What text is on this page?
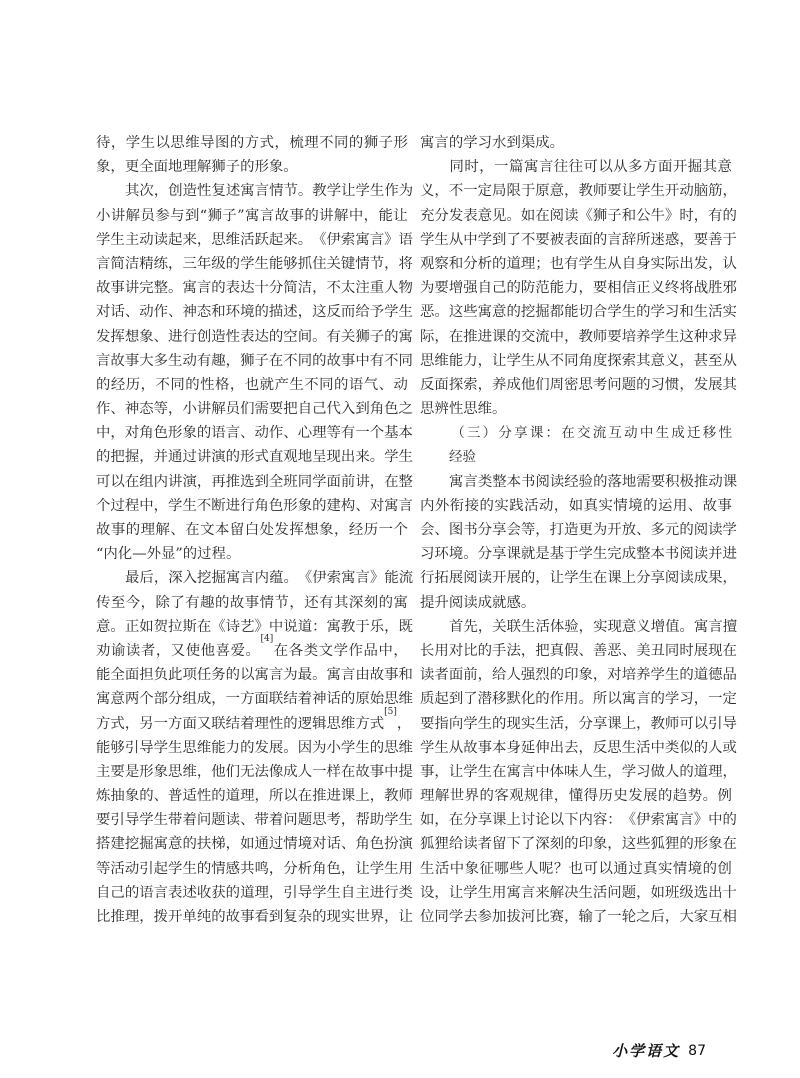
待 ， 学 生 以 思 维 导 图 的 方 式 ， 梳 理 不 同 的 狮 子 形
象 ， 更 全 面 地 理 解 狮 子 的 形 象 。
其 次 ， 创 造 性 复 述 寓 言 情 节 。 教 学 让 学 生 作 为
小 讲 解 员 参 与 到 “ 狮 子 ” 寓 言 故 事 的 讲 解 中 ， 能 让
学 生 主 动 读 起 来 ， 思 维 活 跃 起 来 。 《 伊 索 寓 言 》 语
言 简 洁 精 练 ， 三 年 级 的 学 生 能 够 抓 住 关 键 情 节 ， 将
故 事 讲 完 整 。 寓 言 的 表 达 十 分 简 洁 ， 不 太 注 重 人 物
对 话 、 动 作 、 神 态 和 环 境 的 描 述 ， 这 反 而 给 予 学 生
发 挥 想 象 、 进 行 创 造 性 表 达 的 空 间 。 有 关 狮 子 的 寓
言 故 事 大 多 生 动 有 趣 ， 狮 子 在 不 同 的 故 事 中 有 不 同
的 经 历 ， 不 同 的 性 格 ， 也 就 产 生 不 同 的 语 气 、 动
作 、 神 态 等 ， 小 讲 解 员 们 需 要 把 自 己 代 入 到 角 色 之
中 ， 对 角 色 形 象 的 语 言 、 动 作 、 心 理 等 有 一 个 基 本
的 把 握 ， 并 通 过 讲 演 的 形 式 直 观 地 呈 现 出 来 。 学 生
可 以 在 组 内 讲 演 ， 再 推 选 到 全 班 同 学 面 前 讲 ， 在 整
个 过 程 中 ， 学 生 不 断 进 行 角 色 形 象 的 建 构 、 对 寓 言
故 事 的 理 解 、 在 文 本 留 白 处 发 挥 想 象 ， 经 历 一 个
“ 内 化 — 外 显 ” 的 过 程 。
最 后 ， 深 入 挖 掘 寓 言 内 蕴 。 《 伊 索 寓 言 》 能 流
传 至 今 ， 除 了 有 趣 的 故 事 情 节 ， 还 有 其 深 刻 的 寓
意 。 正 如 贺 拉 斯 在 《 诗 艺 》 中 说 道 ： 寓 教 于 乐 ， 既
劝 谕 读 者 ， 又 使 他 喜 爱 。
[4]
在 各 类 文 学 作 品 中 ，
能 全 面 担 负 此 项 任 务 的 以 寓 言 为 最 。 寓 言 由 故 事 和
寓 意 两 个 部 分 组 成 ， 一 方 面 联 结 着 神 话 的 原 始 思 维
方 式 ， 另 一 方 面 又 联 结 着 理 性 的 逻 辑 思 维 方 式
[5]
，
能 够 引 导 学 生 思 维 能 力 的 发 展 。 因 为 小 学 生 的 思 维
主 要 是 形 象 思 维 ， 他 们 无 法 像 成 人 一 样 在 故 事 中 提
炼 抽 象 的 、 普 适 性 的 道 理 ， 所 以 在 推 进 课 上 ， 教 师
要 引 导 学 生 带 着 问 题 读 、 带 着 问 题 思 考 ， 帮 助 学 生
搭 建 挖 掘 寓 意 的 扶 梯 ， 如 通 过 情 境 对 话 、 角 色 扮 演
等 活 动 引 起 学 生 的 情 感 共 鸣 ， 分 析 角 色 ， 让 学 生 用
自 己 的 语 言 表 述 收 获 的 道 理 ， 引 导 学 生 自 主 进 行 类
比 推 理 ， 拨 开 单 纯 的 故 事 看 到 复 杂 的 现 实 世 界 ， 让
寓 言 的 学 习 水 到 渠 成 。
同 时 ， 一 篇 寓 言 往 往 可 以 从 多 方 面 开 掘 其 意
义 ， 不 一 定 局 限 于 原 意 ， 教 师 要 让 学 生 开 动 脑 筋 ，
充 分 发 表 意 见 。 如 在 阅 读 《 狮 子 和 公 牛 》 时 ， 有 的
学 生 从 中 学 到 了 不 要 被 表 面 的 言 辞 所 迷 惑 ， 要 善 于
观 察 和 分 析 的 道 理 ； 也 有 学 生 从 自 身 实 际 出 发 ， 认
为 要 增 强 自 己 的 防 范 能 力 ， 要 相 信 正 义 终 将 战 胜 邪
恶 。 这 些 寓 意 的 挖 掘 都 能 切 合 学 生 的 学 习 和 生 活 实
际 ， 在 推 进 课 的 交 流 中 ， 教 师 要 培 养 学 生 这 种 求 异
思 维 能 力 ， 让 学 生 从 不 同 角 度 探 索 其 意 义 ， 甚 至 从
反 面 探 索 ， 养 成 他 们 周 密 思 考 问 题 的 习 惯 ， 发 展 其
思 辨 性 思 维 。
（ 三 ） 分 享 课 ： 在 交 流 互 动 中 生 成 迁 移 性
经 验
寓 言 类 整 本 书 阅 读 经 验 的 落 地 需 要 积 极 推 动 课
内 外 衔 接 的 实 践 活 动 ， 如 真 实 情 境 的 运 用 、 故 事
会 、 图 书 分 享 会 等 ， 打 造 更 为 开 放 、 多 元 的 阅 读 学
习 环 境 。 分 享 课 就 是 基 于 学 生 完 成 整 本 书 阅 读 并 进
行 拓 展 阅 读 开 展 的 ， 让 学 生 在 课 上 分 享 阅 读 成 果 ，
提 升 阅 读 成 就 感 。
首 先 ， 关 联 生 活 体 验 ， 实 现 意 义 增 值 。 寓 言 擅
长 用 对 比 的 手 法 ， 把 真 假 、 善 恶 、 美 丑 同 时 展 现 在
读 者 面 前 ， 给 人 强 烈 的 印 象 ， 对 培 养 学 生 的 道 德 品
质 起 到 了 潜 移 默 化 的 作 用 。 所 以 寓 言 的 学 习 ， 一 定
要 指 向 学 生 的 现 实 生 活 ， 分 享 课 上 ， 教 师 可 以 引 导
学 生 从 故 事 本 身 延 伸 出 去 ， 反 思 生 活 中 类 似 的 人 或
事 ， 让 学 生 在 寓 言 中 体 味 人 生 ， 学 习 做 人 的 道 理 ，
理 解 世 界 的 客 观 规 律 ， 懂 得 历 史 发 展 的 趋 势 。 例
如 ， 在 分 享 课 上 讨 论 以 下 内 容 ： 《 伊 索 寓 言 》 中 的
狐 狸 给 读 者 留 下 了 深 刻 的 印 象 ， 这 些 狐 狸 的 形 象 在
生 活 中 象 征 哪 些 人 呢 ？ 也 可 以 通 过 真 实 情 境 的 创
设 ， 让 学 生 用 寓 言 来 解 决 生 活 问 题 ， 如 班 级 选 出 十
位 同 学 去 参 加 拔 河 比 赛 ， 输 了 一 轮 之 后 ， 大 家 互 相
小学语文 87
